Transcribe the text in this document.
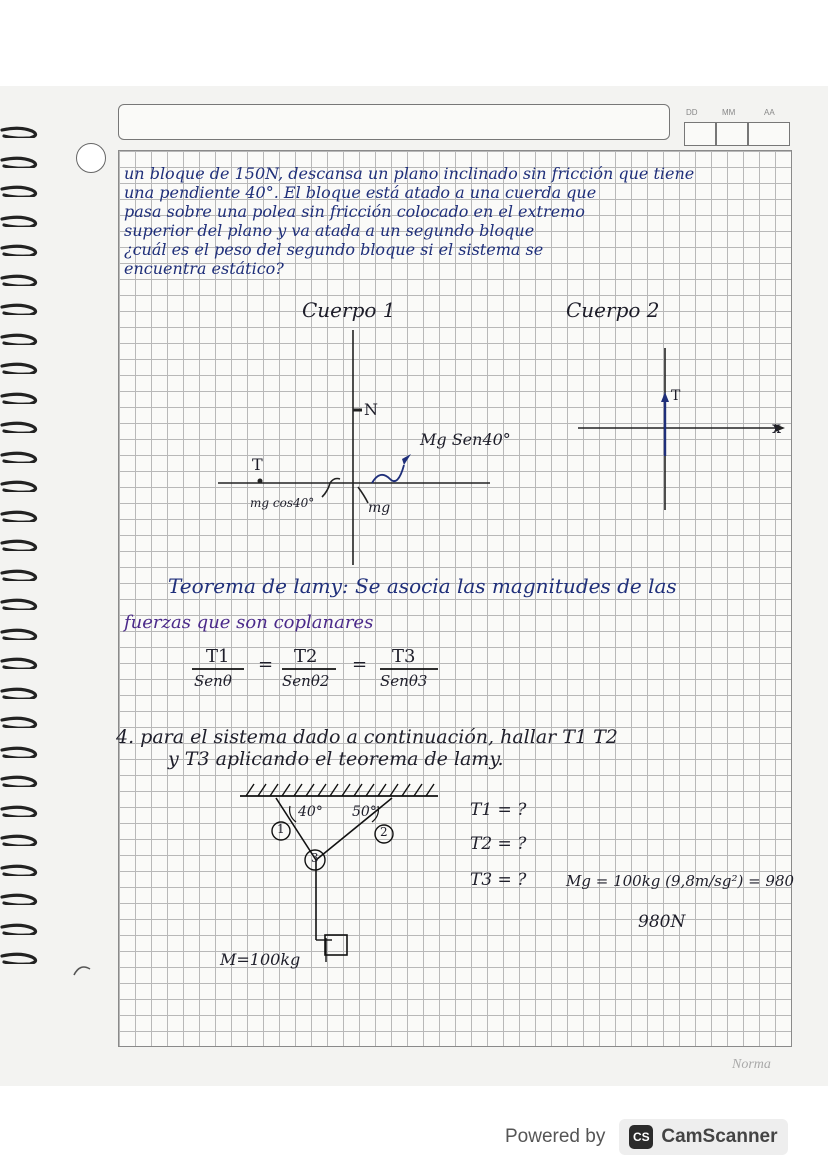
DD	MM	AA
un bloque de 150N, descansa un plano inclinado sin fricción que tiene
una pendiente 40°. El bloque está atado a una cuerda que
pasa sobre una polea sin fricción colocado en el extremo
superior del plano y va atada a un segundo bloque
¿cuál es el peso del segundo bloque si el sistema se
encuentra estático?
Cuerpo 1
N
T
Mg Sen40°
mg cos40°	mg
Cuerpo 2
T
x
Teorema de lamy: Se asocia las magnitudes de las
fuerzas que son coplanares
T1
Senθ
= T2
Senθ2
= T3
Senθ3
4. para el sistema dado a continuación, hallar T1 T2
y T3 aplicando el teorema de lamy.
40° 50°
1	2
3
M=100kg
T1 = ?
T2 = ?
T3 = ?	Mg = 100kg (9,8m/sg²) = 980
980N
Norma
Powered by	CS CamScanner
